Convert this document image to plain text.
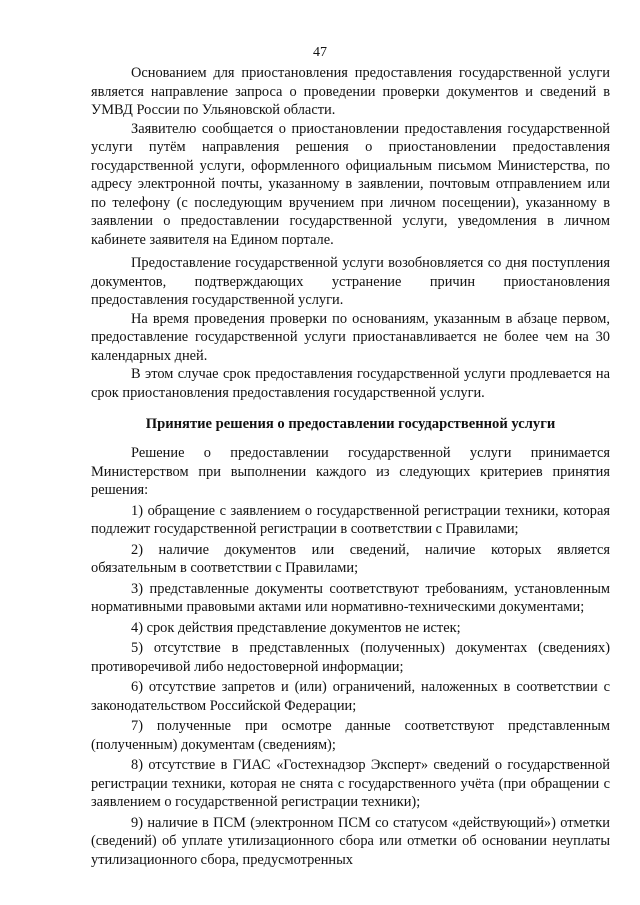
47

Основанием для приостановления предоставления государственной услуги является направление запроса о проведении проверки документов и сведений в УМВД России по Ульяновской области.

Заявителю сообщается о приостановлении предоставления государственной услуги путём направления решения о приостановлении предоставления государственной услуги, оформленного официальным письмом Министерства, по адресу электронной почты, указанному в заявлении, почтовым отправлением или по телефону (с последующим вручением при личном посещении), указанному в заявлении о предоставлении государственной услуги, уведомления в личном кабинете заявителя на Едином портале.

Предоставление государственной услуги возобновляется со дня поступления документов, подтверждающих устранение причин приостановления предоставления государственной услуги.

На время проведения проверки по основаниям, указанным в абзаце первом, предоставление государственной услуги приостанавливается не более чем на 30 календарных дней.

В этом случае срок предоставления государственной услуги продлевается на срок приостановления предоставления государственной услуги.

Принятие решения о предоставлении государственной услуги

Решение о предоставлении государственной услуги принимается Министерством при выполнении каждого из следующих критериев принятия решения:

1) обращение с заявлением о государственной регистрации техники, которая подлежит государственной регистрации в соответствии с Правилами;

2) наличие документов или сведений, наличие которых является обязательным в соответствии с Правилами;

3) представленные документы соответствуют требованиям, установленным нормативными правовыми актами или нормативно-техническими документами;

4) срок действия представление документов не истек;

5) отсутствие в представленных (полученных) документах (сведениях) противоречивой либо недостоверной информации;

6) отсутствие запретов и (или) ограничений, наложенных в соответствии с законодательством Российской Федерации;

7) полученные при осмотре данные соответствуют представленным (полученным) документам (сведениям);

8) отсутствие в ГИАС «Гостехнадзор Эксперт» сведений о государственной регистрации техники, которая не снята с государственного учёта (при обращении с заявлением о государственной регистрации техники);

9) наличие в ПСМ (электронном ПСМ со статусом «действующий») отметки (сведений) об уплате утилизационного сбора или отметки об основании неуплаты утилизационного сбора, предусмотренных
